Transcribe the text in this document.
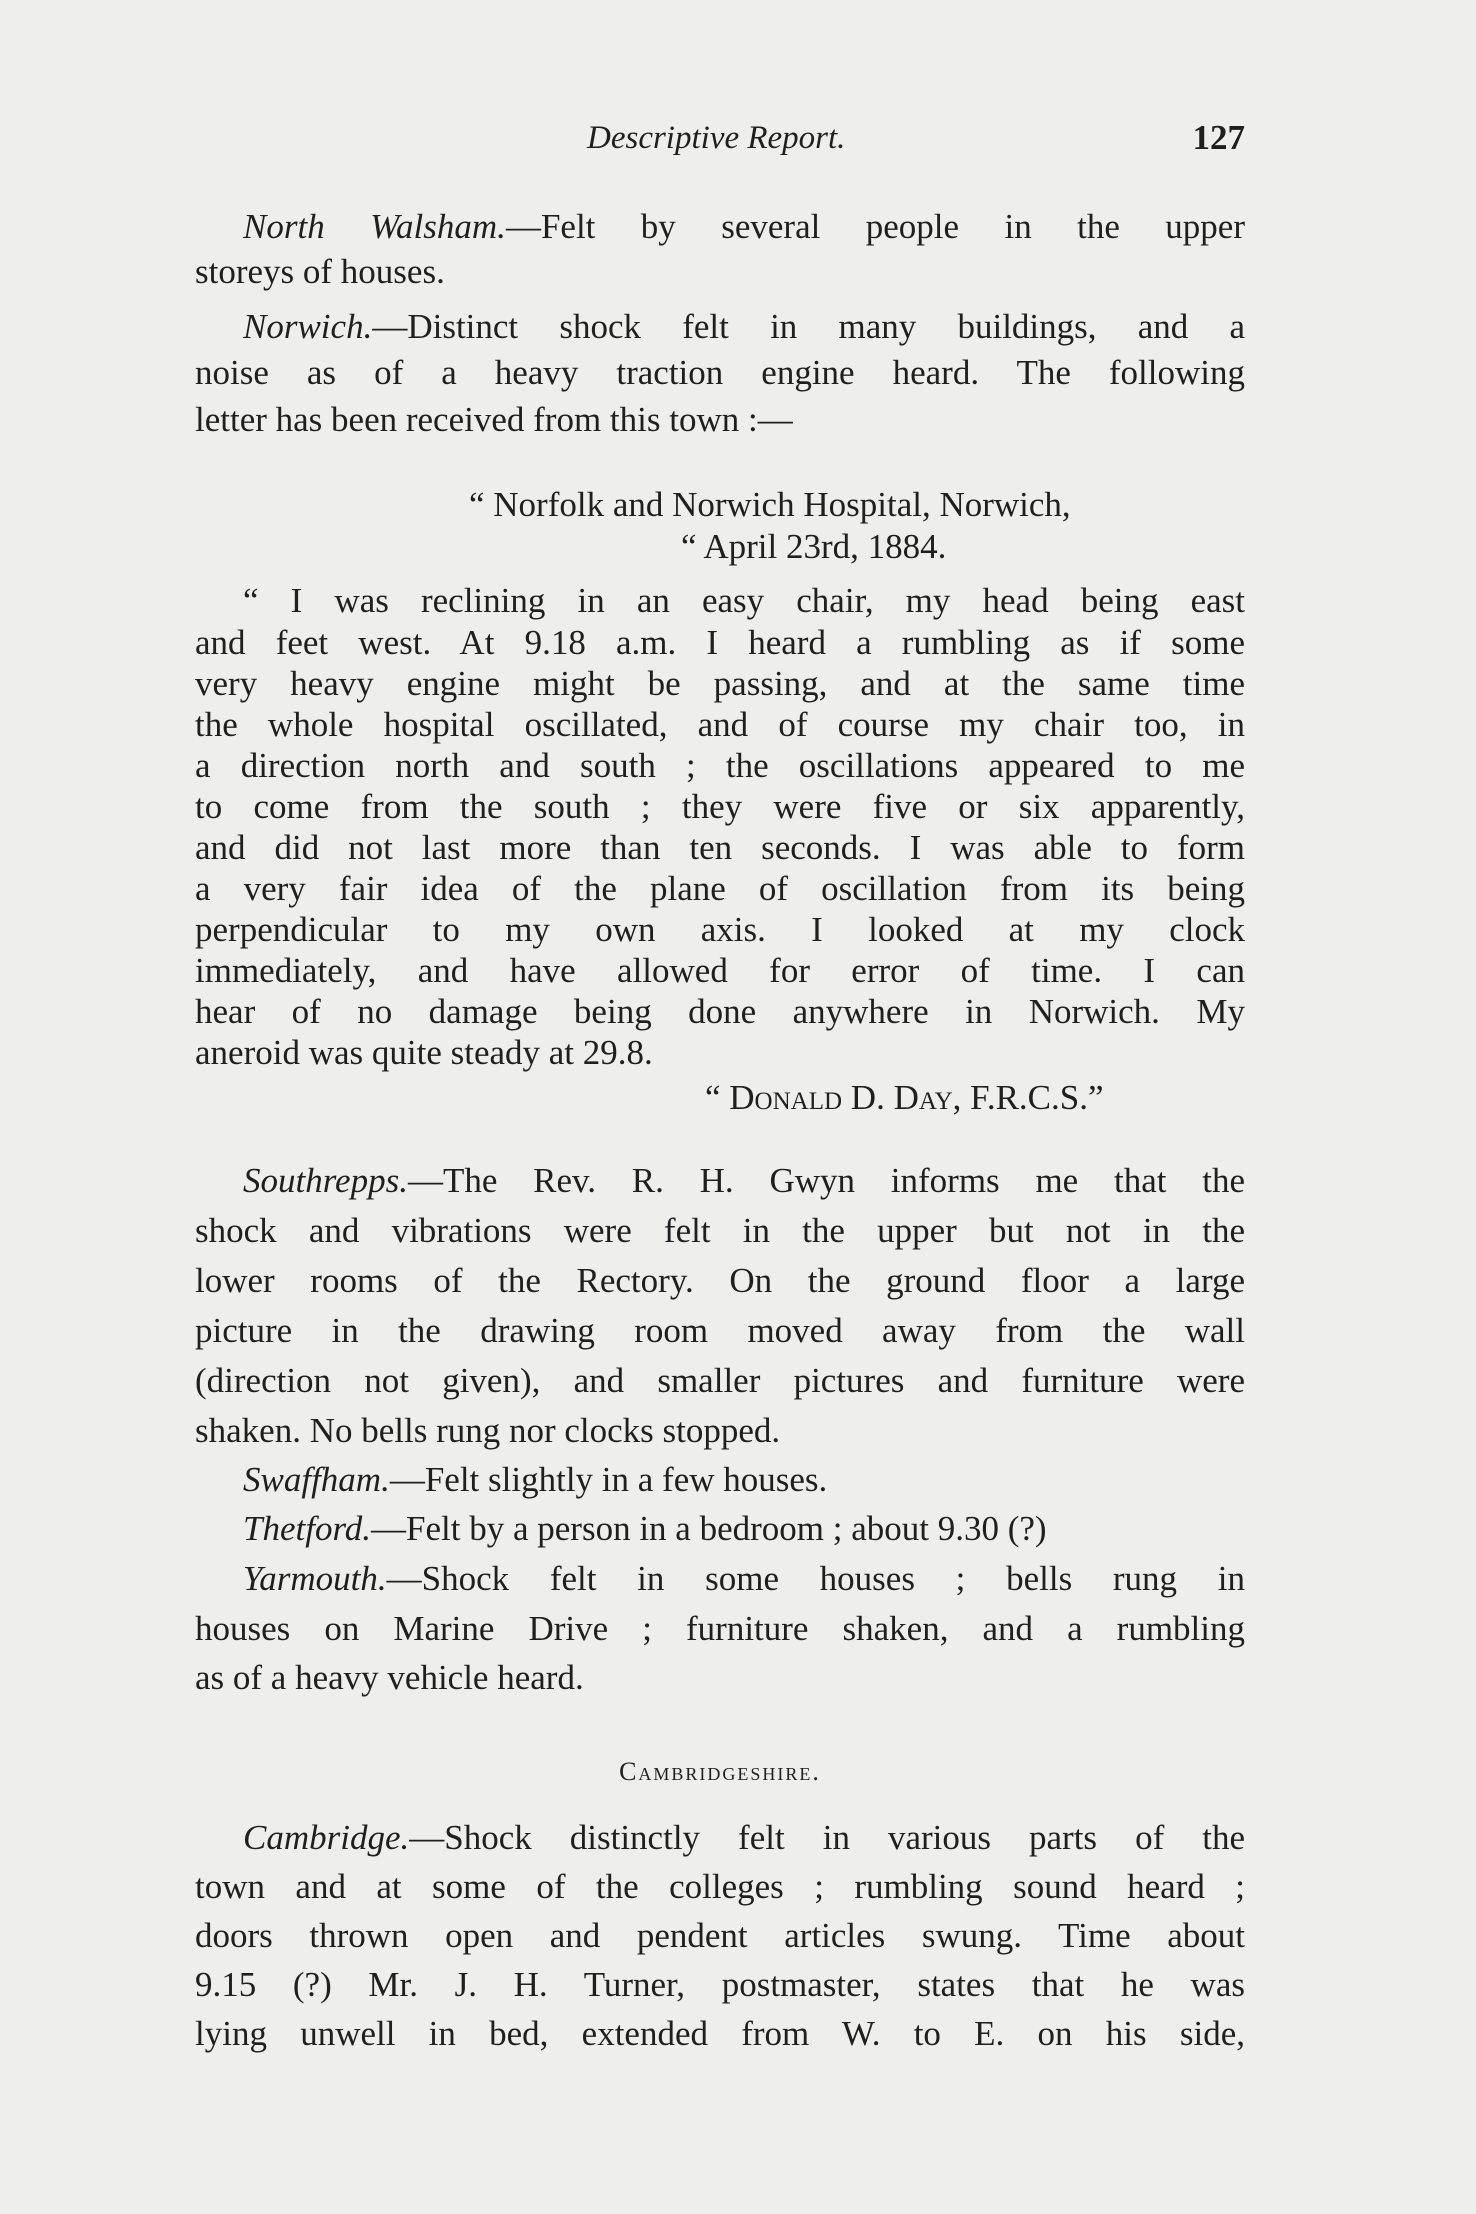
Descriptive Report.	127
North Walsham.—Felt by several people in the upper
storeys of houses.
Norwich.—Distinct shock felt in many buildings, and a
noise as of a heavy traction engine heard. The following
letter has been received from this town :—
“ Norfolk and Norwich Hospital, Norwich,
“ April 23rd, 1884.
“ I was reclining in an easy chair, my head being east
and feet west. At 9.18 a.m. I heard a rumbling as if some
very heavy engine might be passing, and at the same time
the whole hospital oscillated, and of course my chair too, in
a direction north and south ; the oscillations appeared to me
to come from the south ; they were five or six apparently,
and did not last more than ten seconds. I was able to form
a very fair idea of the plane of oscillation from its being
perpendicular to my own axis. I looked at my clock
immediately, and have allowed for error of time. I can
hear of no damage being done anywhere in Norwich. My
aneroid was quite steady at 29.8.
“ Donald D. Day, F.R.C.S.”
Southrepps.—The Rev. R. H. Gwyn informs me that the
shock and vibrations were felt in the upper but not in the
lower rooms of the Rectory. On the ground floor a large
picture in the drawing room moved away from the wall
(direction not given), and smaller pictures and furniture were
shaken. No bells rung nor clocks stopped.
Swaffham.—Felt slightly in a few houses.
Thetford.—Felt by a person in a bedroom ; about 9.30 (?)
Yarmouth.—Shock felt in some houses ; bells rung in
houses on Marine Drive ; furniture shaken, and a rumbling
as of a heavy vehicle heard.
Cambridgeshire.
Cambridge.—Shock distinctly felt in various parts of the
town and at some of the colleges ; rumbling sound heard ;
doors thrown open and pendent articles swung. Time about
9.15 (?) Mr. J. H. Turner, postmaster, states that he was
lying unwell in bed, extended from W. to E. on his side,
